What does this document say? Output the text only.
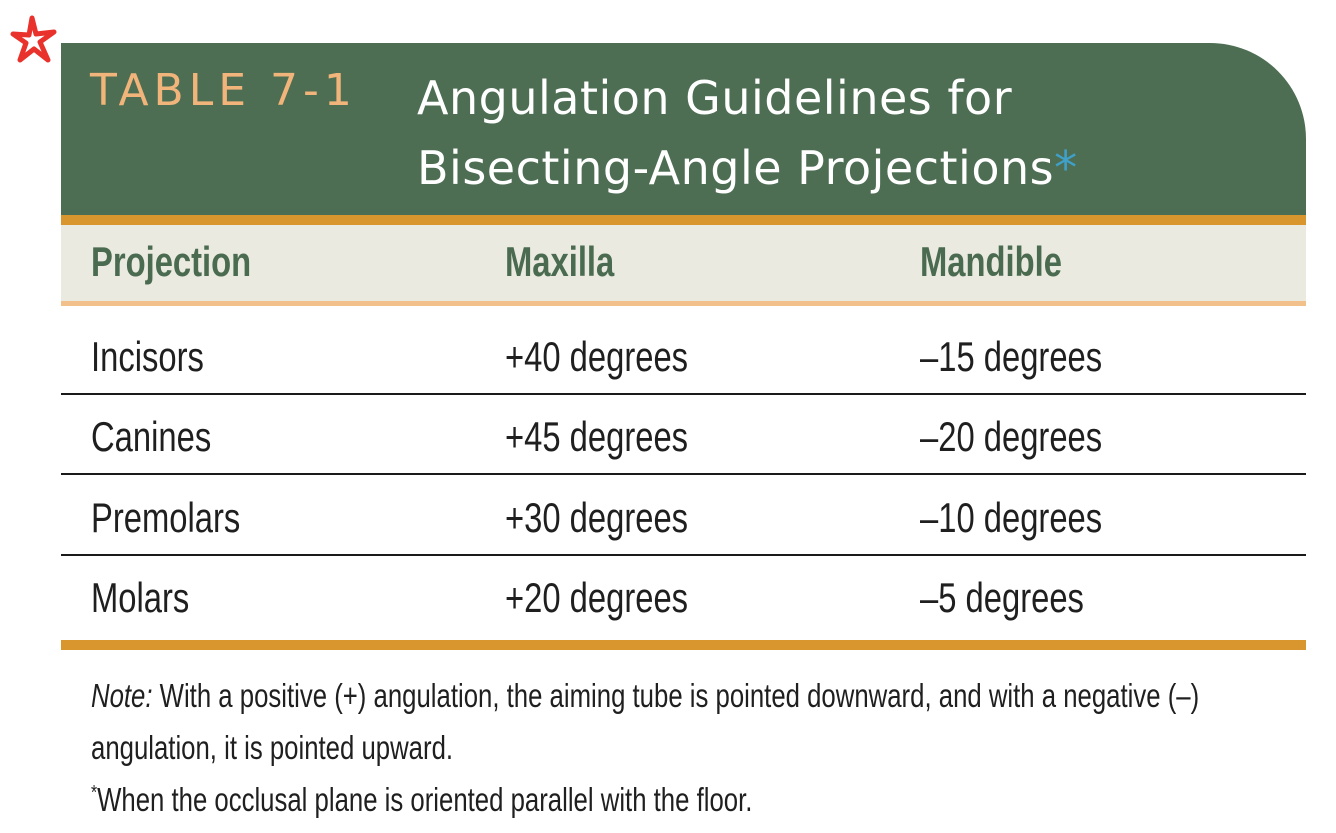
TABLE 7-1 Angulation Guidelines for
Bisecting-Angle Projections*
Projection	Maxilla	Mandible
Incisors	+40 degrees	–15 degrees
Canines	+45 degrees	–20 degrees
Premolars	+30 degrees	–10 degrees
Molars	+20 degrees	–5 degrees
Note: With a positive (+) angulation, the aiming tube is pointed downward, and with a negative (–)
angulation, it is pointed upward.
*When the occlusal plane is oriented parallel with the floor.
